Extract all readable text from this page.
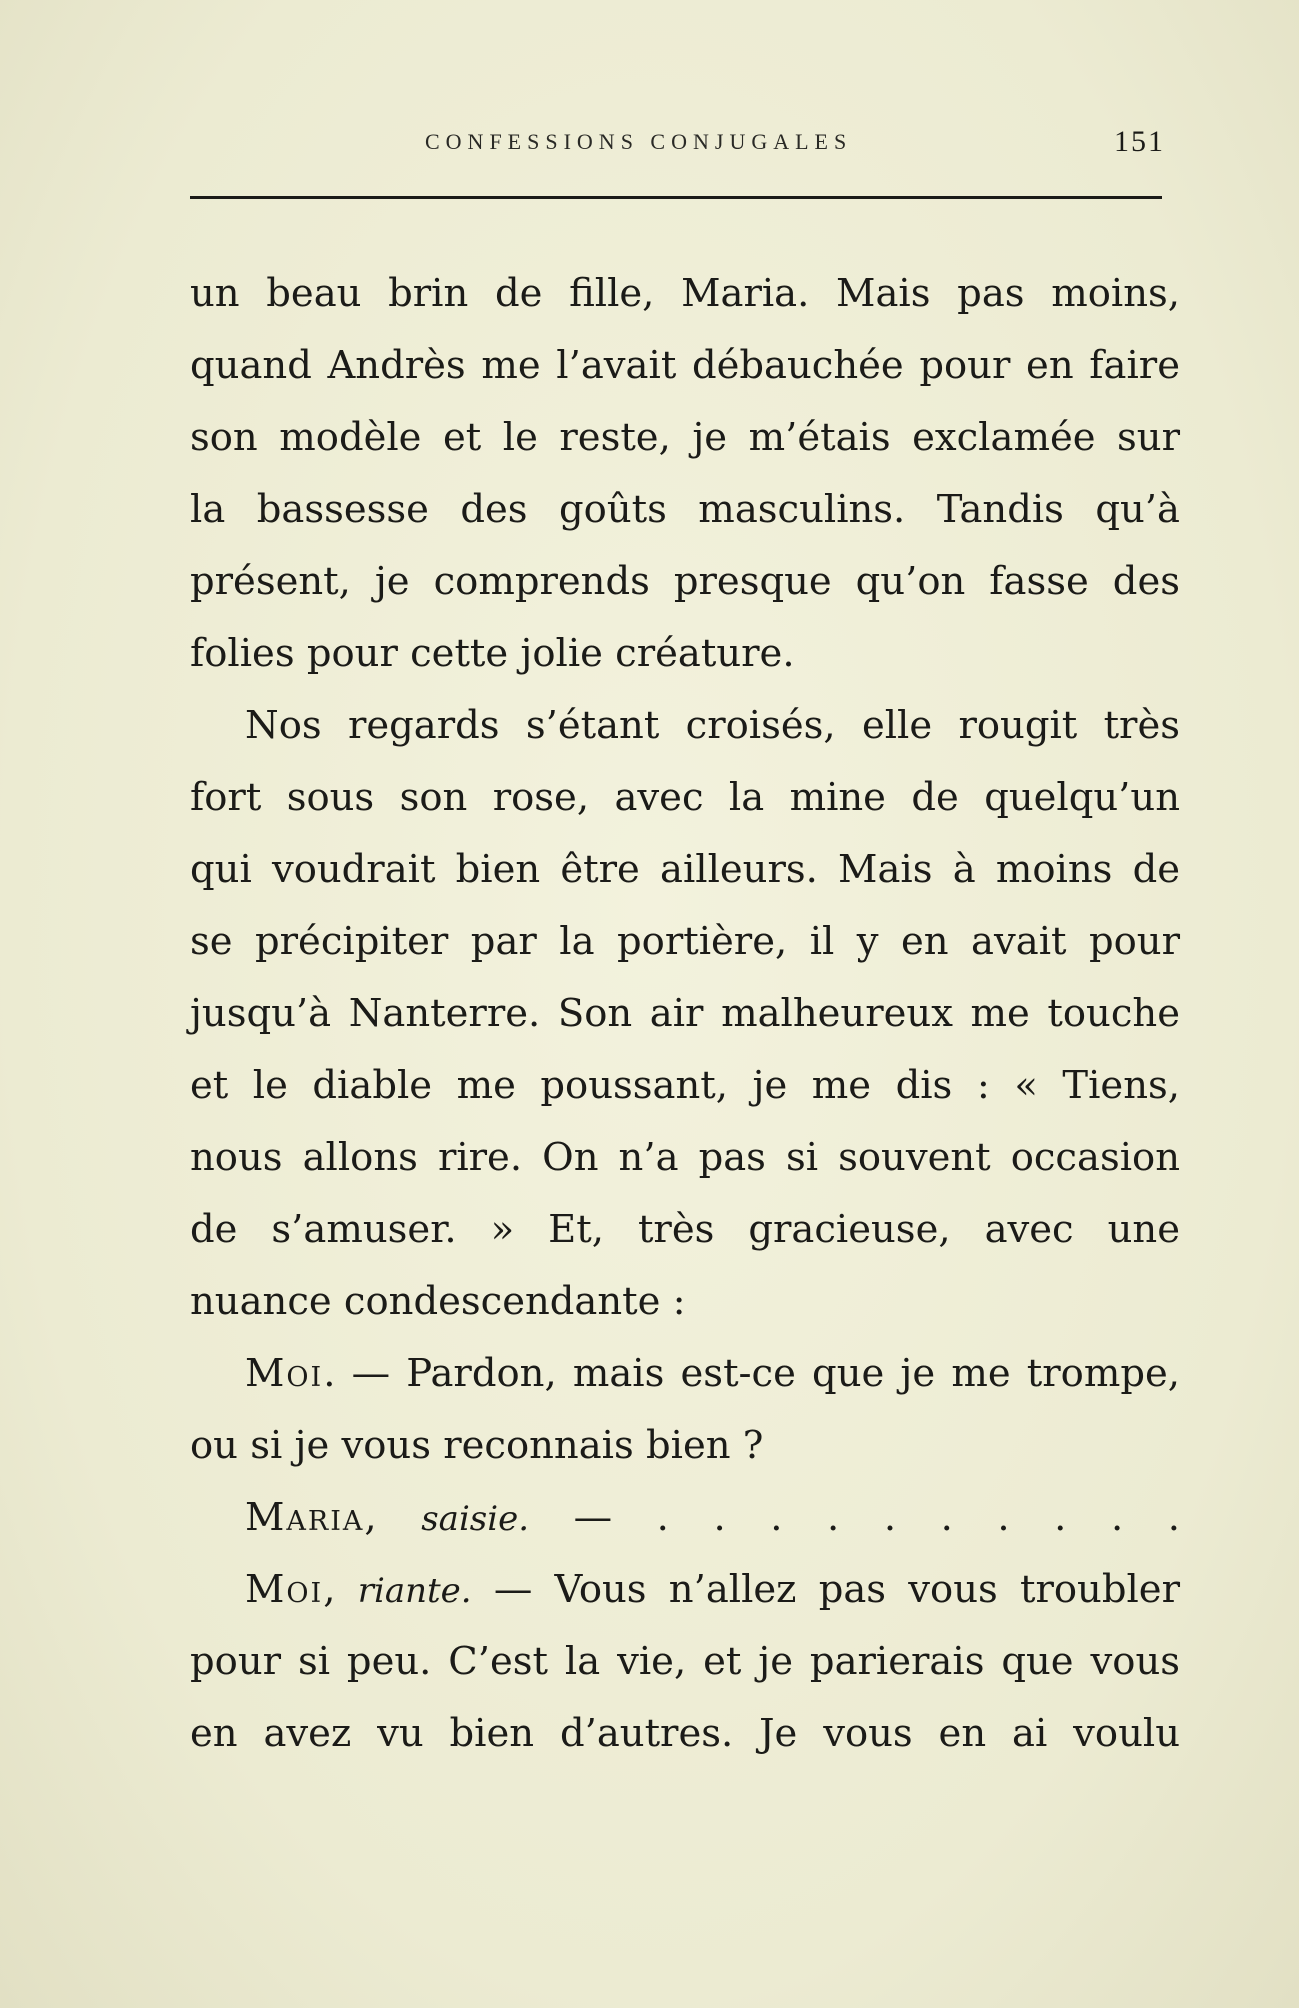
CONFESSIONS CONJUGALES	151
un beau brin de fille, Maria. Mais pas moins,
quand Andrès me l’avait débauchée pour en faire
son modèle et le reste, je m’étais exclamée sur
la bassesse des goûts masculins. Tandis qu’à
présent, je comprends presque qu’on fasse des
folies pour cette jolie créature.
Nos regards s’étant croisés, elle rougit très
fort sous son rose, avec la mine de quelqu’un
qui voudrait bien être ailleurs. Mais à moins de
se précipiter par la portière, il y en avait pour
jusqu’à Nanterre. Son air malheureux me touche
et le diable me poussant, je me dis : « Tiens,
nous allons rire. On n’a pas si souvent occasion
de s’amuser. » Et, très gracieuse, avec une
nuance condescendante :
Moi. — Pardon, mais est-ce que je me trompe,
ou si je vous reconnais bien ?
Maria, saisie. — . . . . . . . . . .
Moi, riante. — Vous n’allez pas vous troubler
pour si peu. C’est la vie, et je parierais que vous
en avez vu bien d’autres. Je vous en ai voulu
